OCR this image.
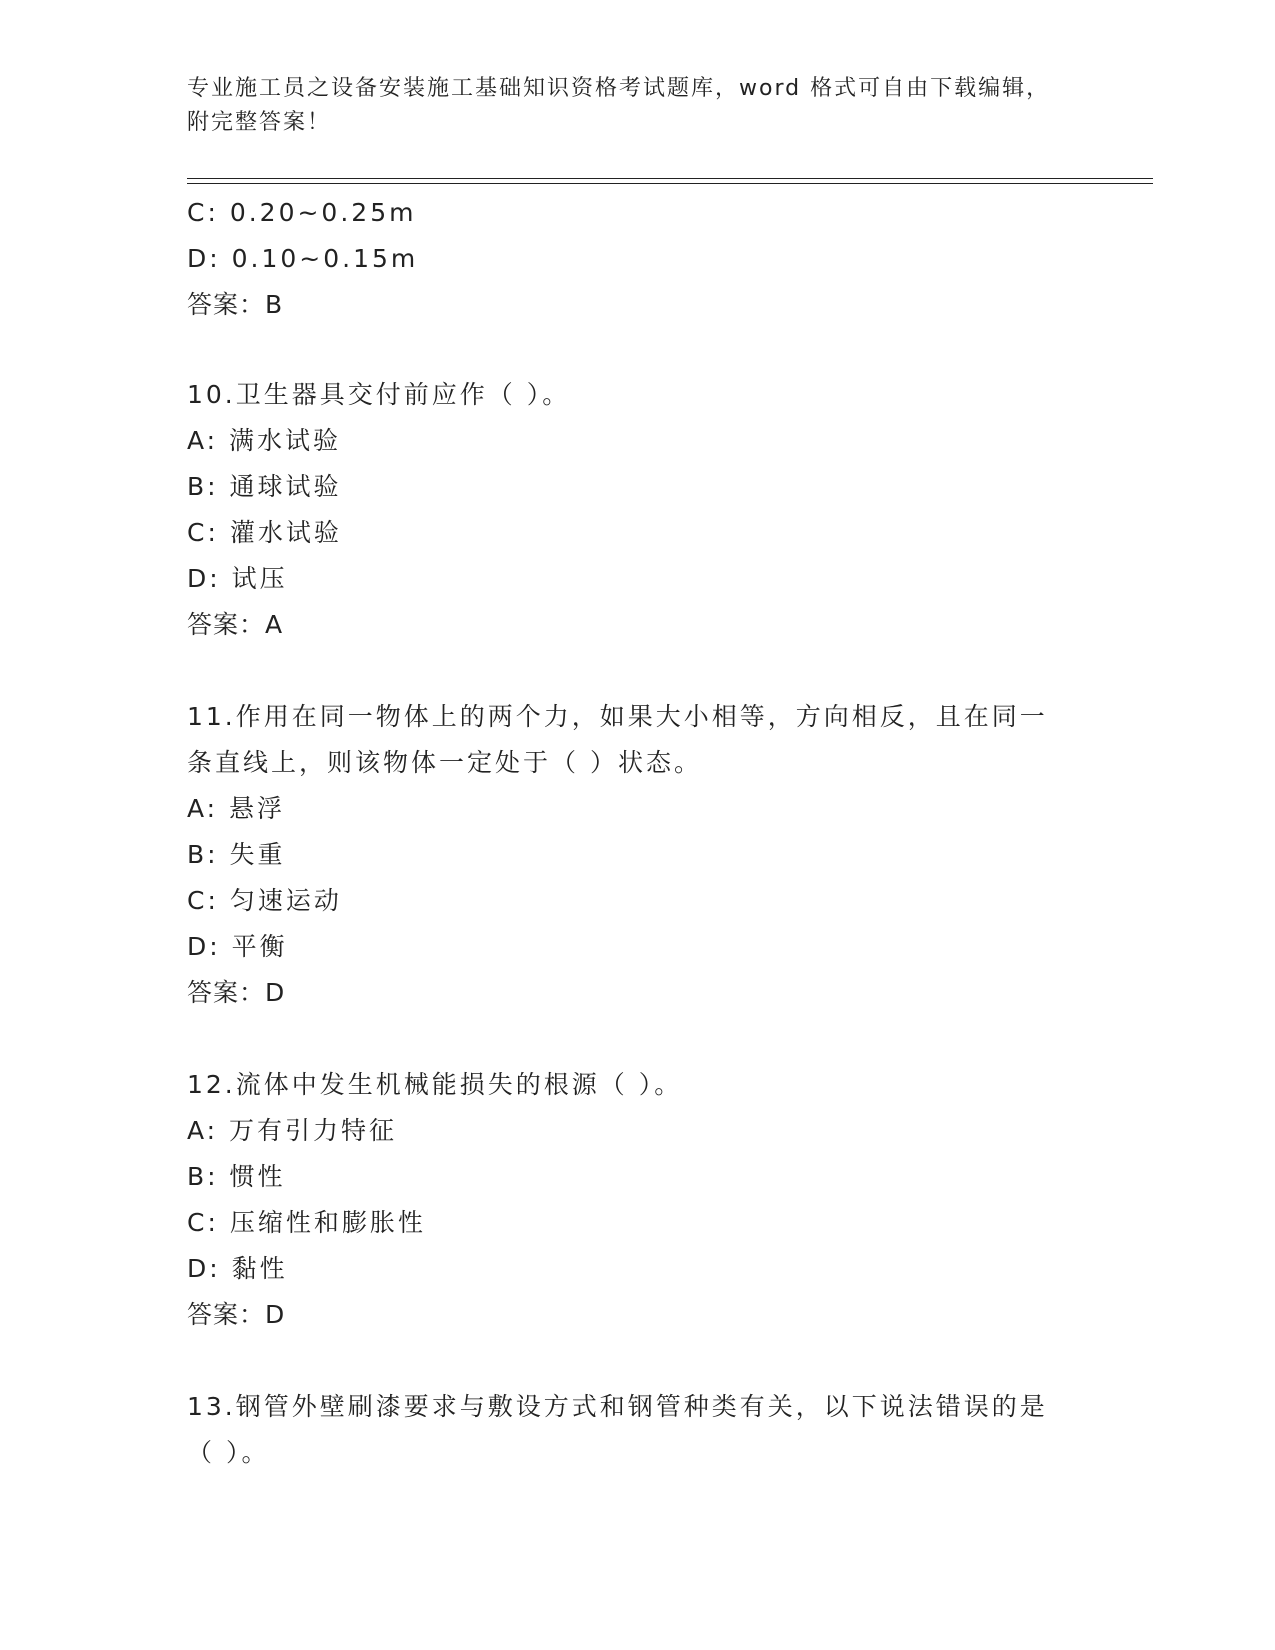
专业施工员之设备安装施工基础知识资格考试题库，word 格式可自由下载编辑，
附完整答案！
C: 0.20~0.25m
D: 0.10~0.15m
答案：B
10.卫生器具交付前应作（ ）。
A: 满水试验
B: 通球试验
C: 灌水试验
D: 试压
答案：A
11.作用在同一物体上的两个力，如果大小相等，方向相反，且在同一
条直线上，则该物体一定处于（ ）状态。
A: 悬浮
B: 失重
C: 匀速运动
D: 平衡
答案：D
12.流体中发生机械能损失的根源（ ）。
A: 万有引力特征
B: 惯性
C: 压缩性和膨胀性
D: 黏性
答案：D
13.钢管外壁刷漆要求与敷设方式和钢管种类有关，以下说法错误的是
（ ）。
